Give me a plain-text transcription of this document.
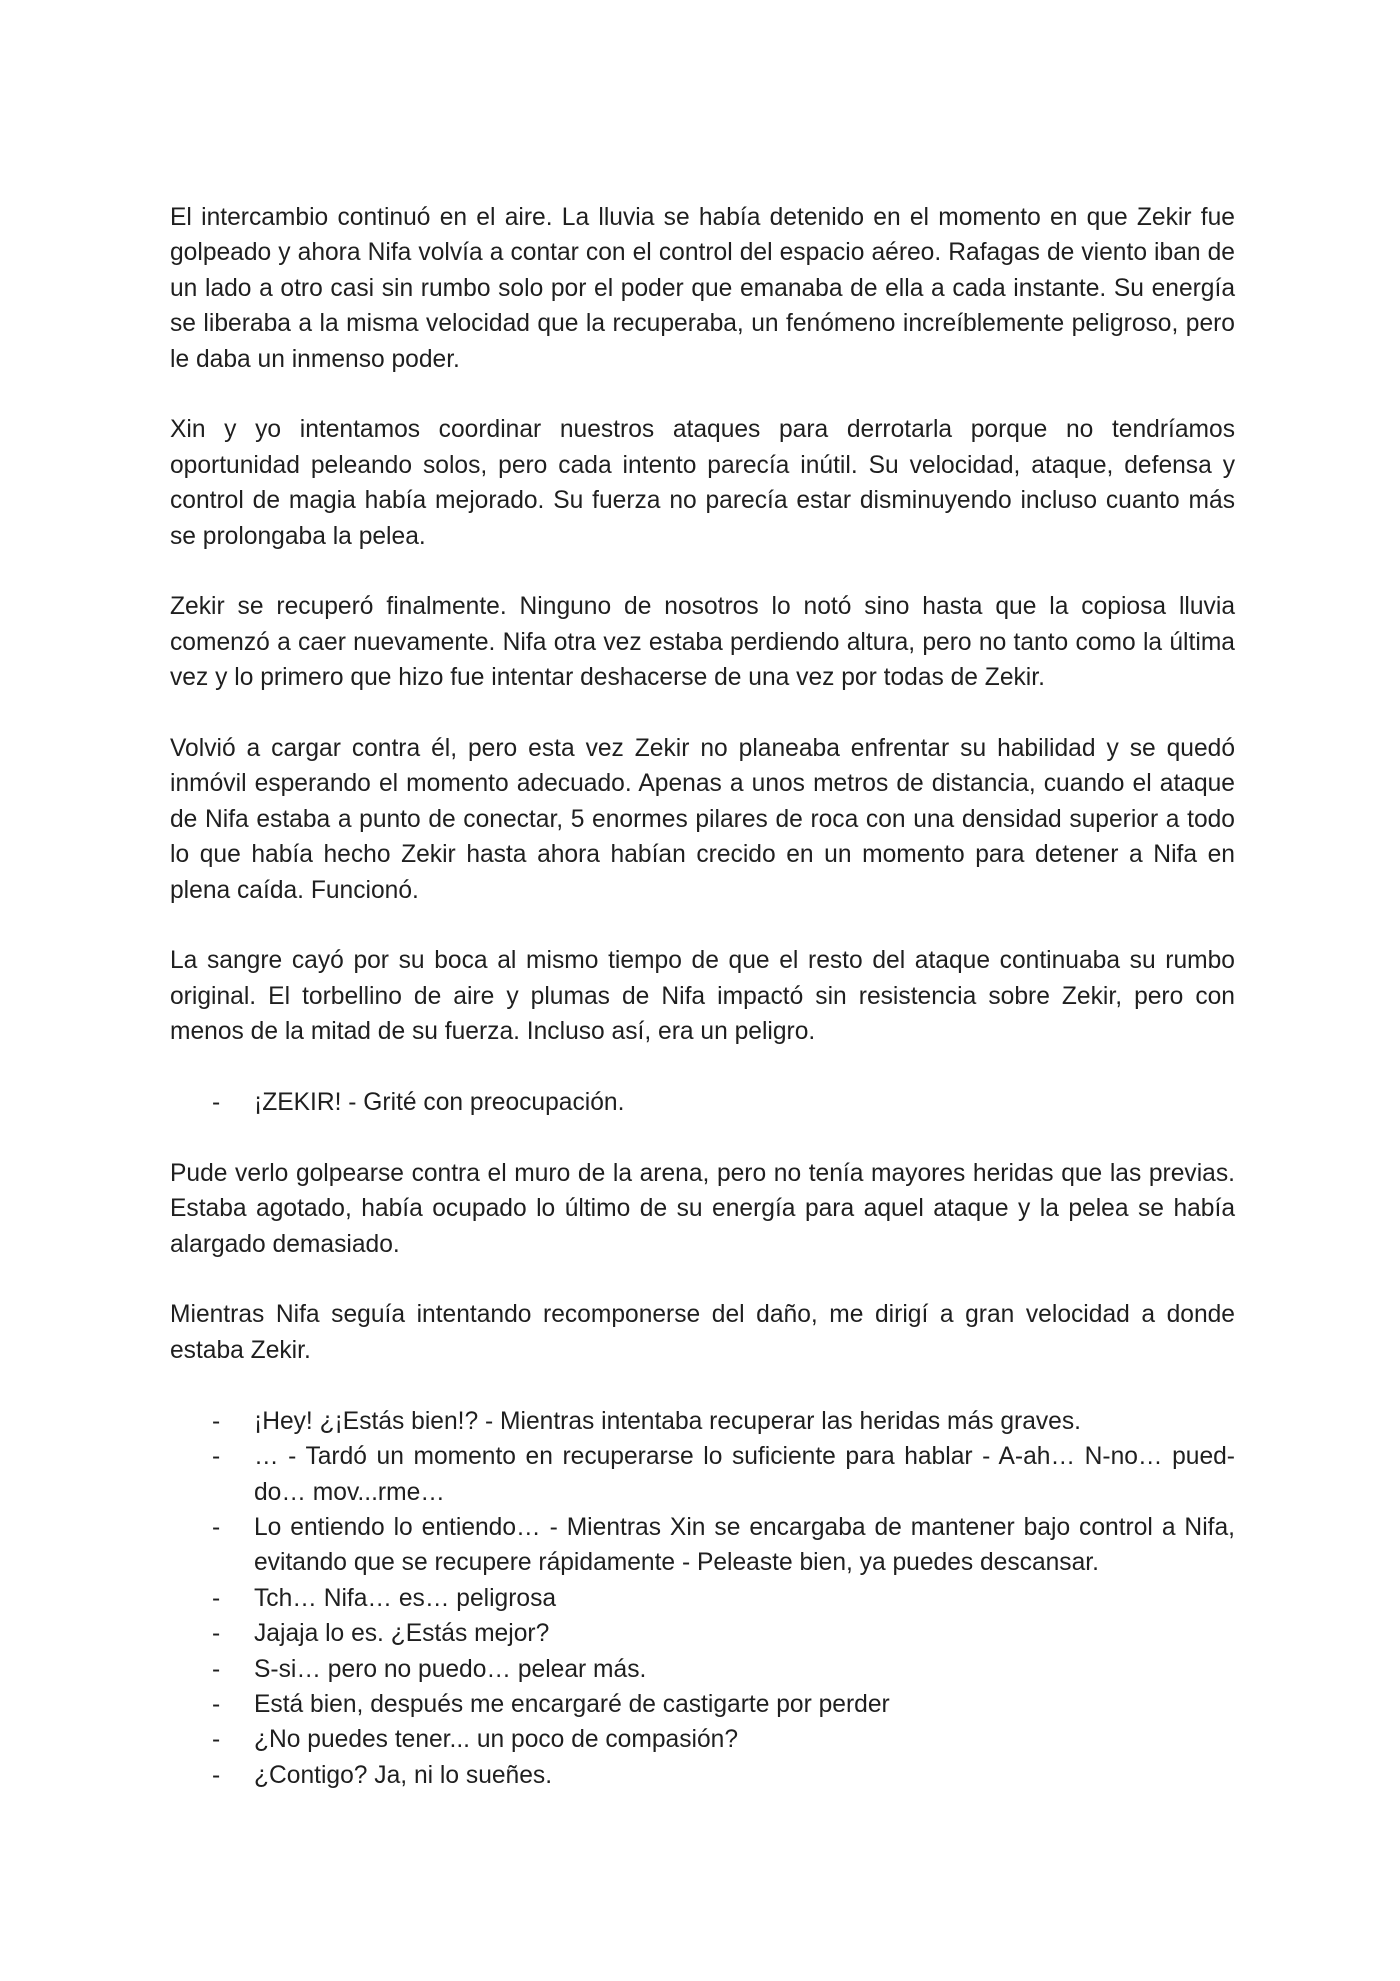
El intercambio continuó en el aire. La lluvia se había detenido en el momento en que Zekir fue golpeado y ahora Nifa volvía a contar con el control del espacio aéreo. Rafagas de viento iban de un lado a otro casi sin rumbo solo por el poder que emanaba de ella a cada instante. Su energía se liberaba a la misma velocidad que la recuperaba, un fenómeno increíblemente peligroso, pero le daba un inmenso poder.

Xin y yo intentamos coordinar nuestros ataques para derrotarla porque no tendríamos oportunidad peleando solos, pero cada intento parecía inútil. Su velocidad, ataque, defensa y control de magia había mejorado. Su fuerza no parecía estar disminuyendo incluso cuanto más se prolongaba la pelea.

Zekir se recuperó finalmente. Ninguno de nosotros lo notó sino hasta que la copiosa lluvia comenzó a caer nuevamente. Nifa otra vez estaba perdiendo altura, pero no tanto como la última vez y lo primero que hizo fue intentar deshacerse de una vez por todas de Zekir.

Volvió a cargar contra él, pero esta vez Zekir no planeaba enfrentar su habilidad y se quedó inmóvil esperando el momento adecuado. Apenas a unos metros de distancia, cuando el ataque de Nifa estaba a punto de conectar, 5 enormes pilares de roca con una densidad superior a todo lo que había hecho Zekir hasta ahora habían crecido en un momento para detener a Nifa en plena caída. Funcionó.

La sangre cayó por su boca al mismo tiempo de que el resto del ataque continuaba su rumbo original. El torbellino de aire y plumas de Nifa impactó sin resistencia sobre Zekir, pero con menos de la mitad de su fuerza. Incluso así, era un peligro.

- ¡ZEKIR! - Grité con preocupación.

Pude verlo golpearse contra el muro de la arena, pero no tenía mayores heridas que las previas. Estaba agotado, había ocupado lo último de su energía para aquel ataque y la pelea se había alargado demasiado.

Mientras Nifa seguía intentando recomponerse del daño, me dirigí a gran velocidad a donde estaba Zekir.

- ¡Hey! ¿¡Estás bien!? - Mientras intentaba recuperar las heridas más graves.
- … - Tardó un momento en recuperarse lo suficiente para hablar - A-ah… N-no… pued-do… mov...rme…
- Lo entiendo lo entiendo… - Mientras Xin se encargaba de mantener bajo control a Nifa, evitando que se recupere rápidamente - Peleaste bien, ya puedes descansar.
- Tch… Nifa… es… peligrosa
- Jajaja lo es. ¿Estás mejor?
- S-si… pero no puedo… pelear más.
- Está bien, después me encargaré de castigarte por perder
- ¿No puedes tener... un poco de compasión?
- ¿Contigo? Ja, ni lo sueñes.
